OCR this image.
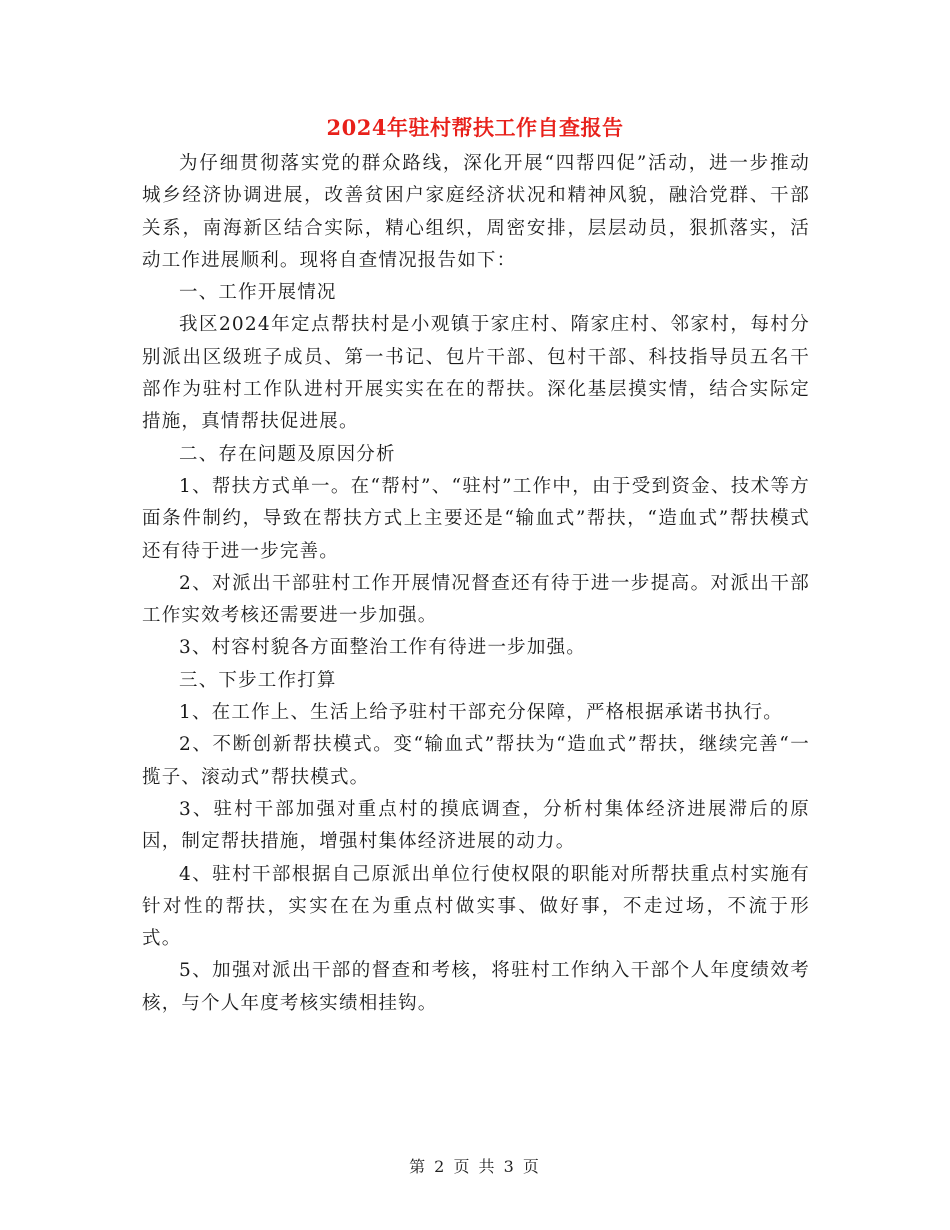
2024年驻村帮扶工作自查报告

为仔细贯彻落实党的群众路线，深化开展“四帮四促”活动，进一步推动城乡经济协调进展，改善贫困户家庭经济状况和精神风貌，融洽党群、干部关系，南海新区结合实际，精心组织，周密安排，层层动员，狠抓落实，活动工作进展顺利。现将自查情况报告如下：

一、工作开展情况

我区2024年定点帮扶村是小观镇于家庄村、隋家庄村、邻家村，每村分别派出区级班子成员、第一书记、包片干部、包村干部、科技指导员五名干部作为驻村工作队进村开展实实在在的帮扶。深化基层摸实情，结合实际定措施，真情帮扶促进展。

二、存在问题及原因分析

1、帮扶方式单一。在“帮村”、“驻村”工作中，由于受到资金、技术等方面条件制约，导致在帮扶方式上主要还是“输血式”帮扶，“造血式”帮扶模式还有待于进一步完善。

2、对派出干部驻村工作开展情况督查还有待于进一步提高。对派出干部工作实效考核还需要进一步加强。

3、村容村貌各方面整治工作有待进一步加强。

三、下步工作打算

1、在工作上、生活上给予驻村干部充分保障，严格根据承诺书执行。

2、不断创新帮扶模式。变“输血式”帮扶为“造血式”帮扶，继续完善“一揽子、滚动式”帮扶模式。

3、驻村干部加强对重点村的摸底调查，分析村集体经济进展滞后的原因，制定帮扶措施，增强村集体经济进展的动力。

4、驻村干部根据自己原派出单位行使权限的职能对所帮扶重点村实施有针对性的帮扶，实实在在为重点村做实事、做好事，不走过场，不流于形式。

5、加强对派出干部的督查和考核，将驻村工作纳入干部个人年度绩效考核，与个人年度考核实绩相挂钩。

第 2 页 共 3 页
